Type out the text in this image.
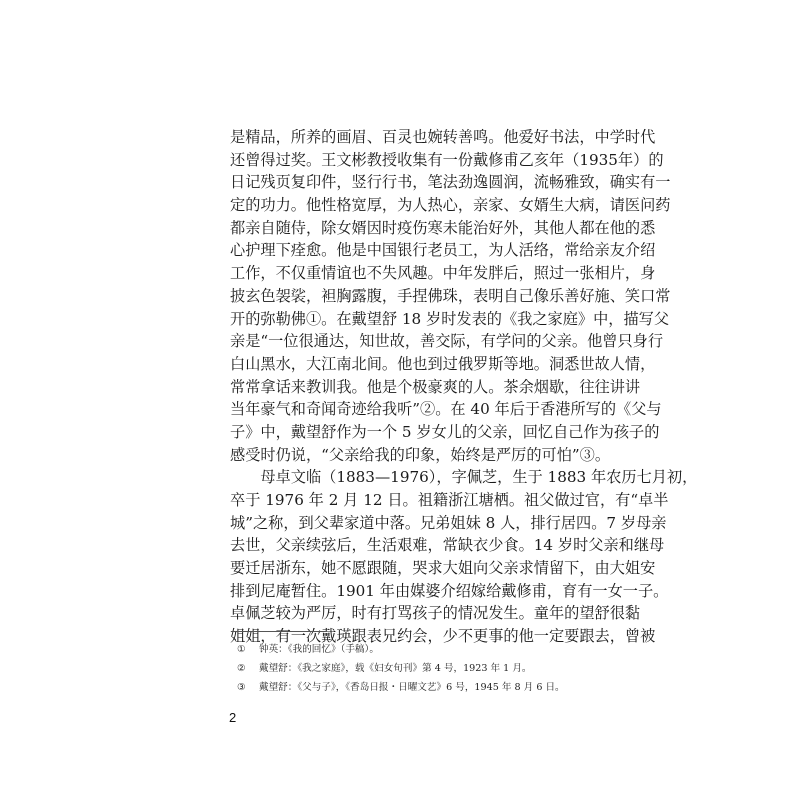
是精品，所养的画眉、百灵也婉转善鸣。他爱好书法，中学时代
还曾得过奖。王文彬教授收集有一份戴修甫乙亥年（1935年）的
日记残页复印件，竖行行书，笔法劲逸圆润，流畅雅致，确实有一
定的功力。他性格宽厚，为人热心，亲家、女婿生大病，请医问药
都亲自随侍，除女婿因时疫伤寒未能治好外，其他人都在他的悉
心护理下痊愈。他是中国银行老员工，为人活络，常给亲友介绍
工作，不仅重情谊也不失风趣。中年发胖后，照过一张相片，身
披玄色袈裟，袒胸露腹，手捏佛珠，表明自己像乐善好施、笑口常
开的弥勒佛①。在戴望舒 18 岁时发表的《我之家庭》中，描写父
亲是“一位很通达，知世故，善交际，有学问的父亲。他曾只身行
白山黑水，大江南北间。他也到过俄罗斯等地。洞悉世故人情，
常常拿话来教训我。他是个极豪爽的人。茶余烟歇，往往讲讲
当年豪气和奇闻奇迹给我听”②。在 40 年后于香港所写的《父与
子》中，戴望舒作为一个 5 岁女儿的父亲，回忆自己作为孩子的
感受时仍说，“父亲给我的印象，始终是严厉的可怕”③。
　　母卓文临（1883—1976），字佩芝，生于 1883 年农历七月初，
卒于 1976 年 2 月 12 日。祖籍浙江塘栖。祖父做过官，有“卓半
城”之称，到父辈家道中落。兄弟姐妹 8 人，排行居四。7 岁母亲
去世，父亲续弦后，生活艰难，常缺衣少食。14 岁时父亲和继母
要迁居浙东，她不愿跟随，哭求大姐向父亲求情留下，由大姐安
排到尼庵暂住。1901 年由媒婆介绍嫁给戴修甫，育有一女一子。
卓佩芝较为严厉，时有打骂孩子的情况发生。童年的望舒很黏
姐姐，有一次戴瑛跟表兄约会，少不更事的他一定要跟去，曾被
① 钟英：《我的回忆》（手稿）。
② 戴望舒：《我之家庭》，载《妇女旬刊》第 4 号，1923 年 1 月。
③ 戴望舒：《父与子》，《香岛日报・日曜文艺》6 号，1945 年 8 月 6 日。
2
